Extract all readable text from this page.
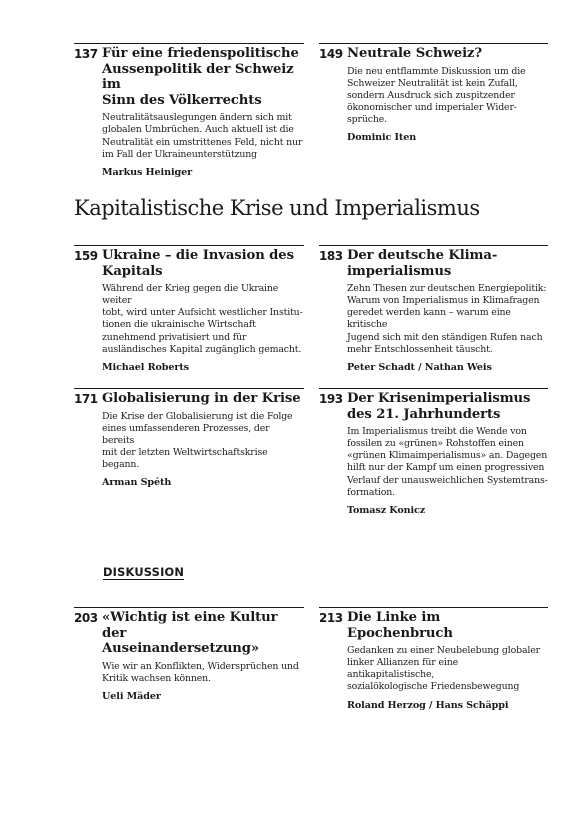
137 Für eine friedenspolitische
Aussenpolitik der Schweiz im
Sinn des Völkerrechts
Neutralitätsauslegungen ändern sich mit
globalen Umbrüchen. Auch aktuell ist die
Neutralität ein umstrittenes Feld, nicht nur
im Fall der Ukraineunterstützung
Markus Heiniger
149 Neutrale Schweiz?
Die neu entflammte Diskussion um die
Schweizer Neutralität ist kein Zufall,
sondern Ausdruck sich zuspitzender
ökonomischer und imperialer Wider-
sprüche.
Dominic Iten
Kapitalistische Krise und Imperialismus
159 Ukraine – die Invasion des
Kapitals
Während der Krieg gegen die Ukraine weiter
tobt, wird unter Aufsicht westlicher Institu-
tionen die ukrainische Wirtschaft
zunehmend privatisiert und für
ausländisches Kapital zugänglich gemacht.
Michael Roberts
183 Der deutsche Klima-
imperialismus
Zehn Thesen zur deutschen Energiepolitik:
Warum von Imperialismus in Klimafragen
geredet werden kann – warum eine kritische
Jugend sich mit den ständigen Rufen nach
mehr Entschlossenheit täuscht.
Peter Schadt / Nathan Weis
171 Globalisierung in der Krise
Die Krise der Globalisierung ist die Folge
eines umfassenderen Prozesses, der bereits
mit der letzten Weltwirtschaftskrise begann.
Arman Spéth
193 Der Krisenimperialismus
des 21. Jahrhunderts
Im Imperialismus treibt die Wende von
fossilen zu «grünen» Rohstoffen einen
«grünen Klimaimperialismus» an. Dagegen
hilft nur der Kampf um einen progressiven
Verlauf der unausweichlichen Systemtrans-
formation.
Tomasz Konicz
DISKUSSION
203 «Wichtig ist eine Kultur der
Auseinandersetzung»
Wie wir an Konflikten, Widersprüchen und
Kritik wachsen können.
Ueli Mäder
213 Die Linke im Epochenbruch
Gedanken zu einer Neubelebung globaler
linker Allianzen für eine antikapitalistische,
sozialökologische Friedensbewegung
Roland Herzog / Hans Schäppi
